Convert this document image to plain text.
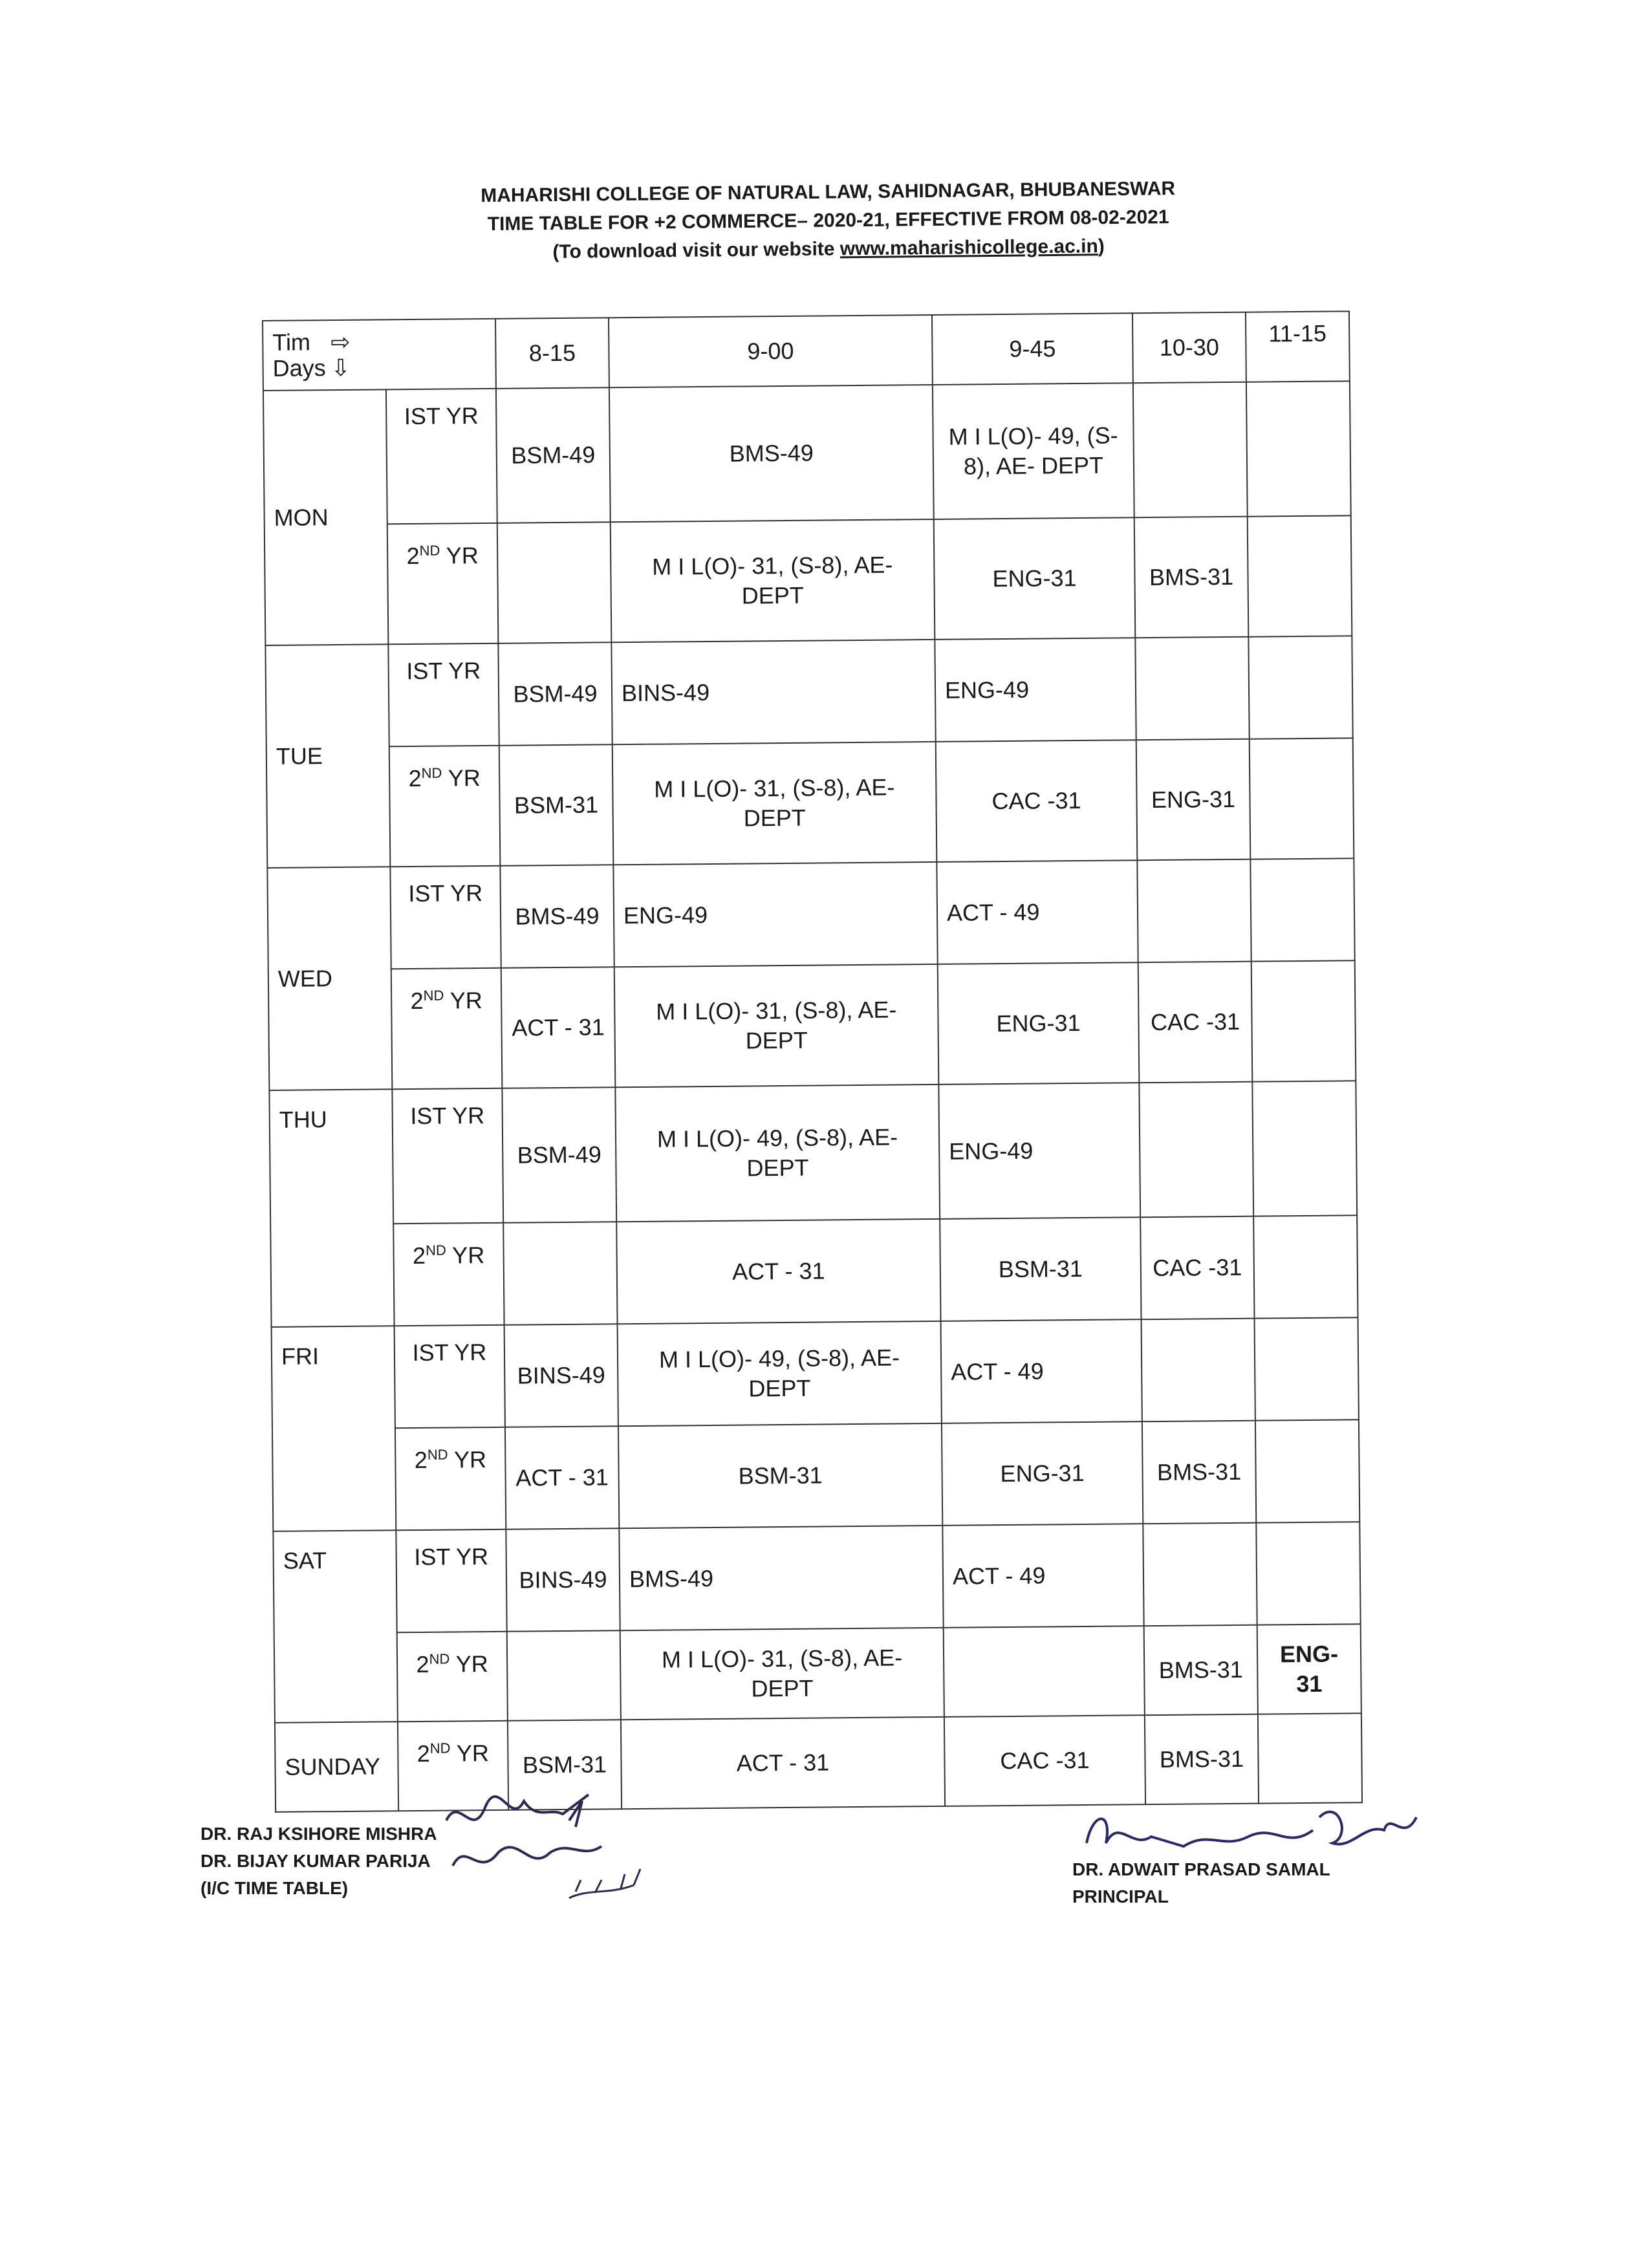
MAHARISHI COLLEGE OF NATURAL LAW, SAHIDNAGAR, BHUBANESWAR
TIME TABLE FOR +2 COMMERCE– 2020-21, EFFECTIVE FROM 08-02-2021
(To download visit our website www.maharishicollege.ac.in)
Tim ⇨
Days ⇩		8-15	9-00	9-45	10-30	11-15
MON	IST YR	BSM-49	BMS-49	M I L(O)- 49, (S-8), AE- DEPT		
	2ND YR		M I L(O)- 31, (S-8), AE- DEPT	ENG-31	BMS-31	
TUE	IST YR	BSM-49	BINS-49	ENG-49		
	2ND YR	BSM-31	M I L(O)- 31, (S-8), AE- DEPT	CAC -31	ENG-31	
WED	IST YR	BMS-49	ENG-49	ACT - 49		
	2ND YR	ACT - 31	M I L(O)- 31, (S-8), AE- DEPT	ENG-31	CAC -31	
THU	IST YR	BSM-49	M I L(O)- 49, (S-8), AE- DEPT	ENG-49		
	2ND YR		ACT - 31	BSM-31	CAC -31	
FRI	IST YR	BINS-49	M I L(O)- 49, (S-8), AE- DEPT	ACT - 49		
	2ND YR	ACT - 31	BSM-31	ENG-31	BMS-31	
SAT	IST YR	BINS-49	BMS-49	ACT - 49		
	2ND YR		M I L(O)- 31, (S-8), AE- DEPT		BMS-31	ENG-31
SUNDAY	2ND YR	BSM-31	ACT - 31	CAC -31	BMS-31	
DR. RAJ KSIHORE MISHRA
DR. BIJAY KUMAR PARIJA
(I/C TIME TABLE)
DR. ADWAIT PRASAD SAMAL
PRINCIPAL
